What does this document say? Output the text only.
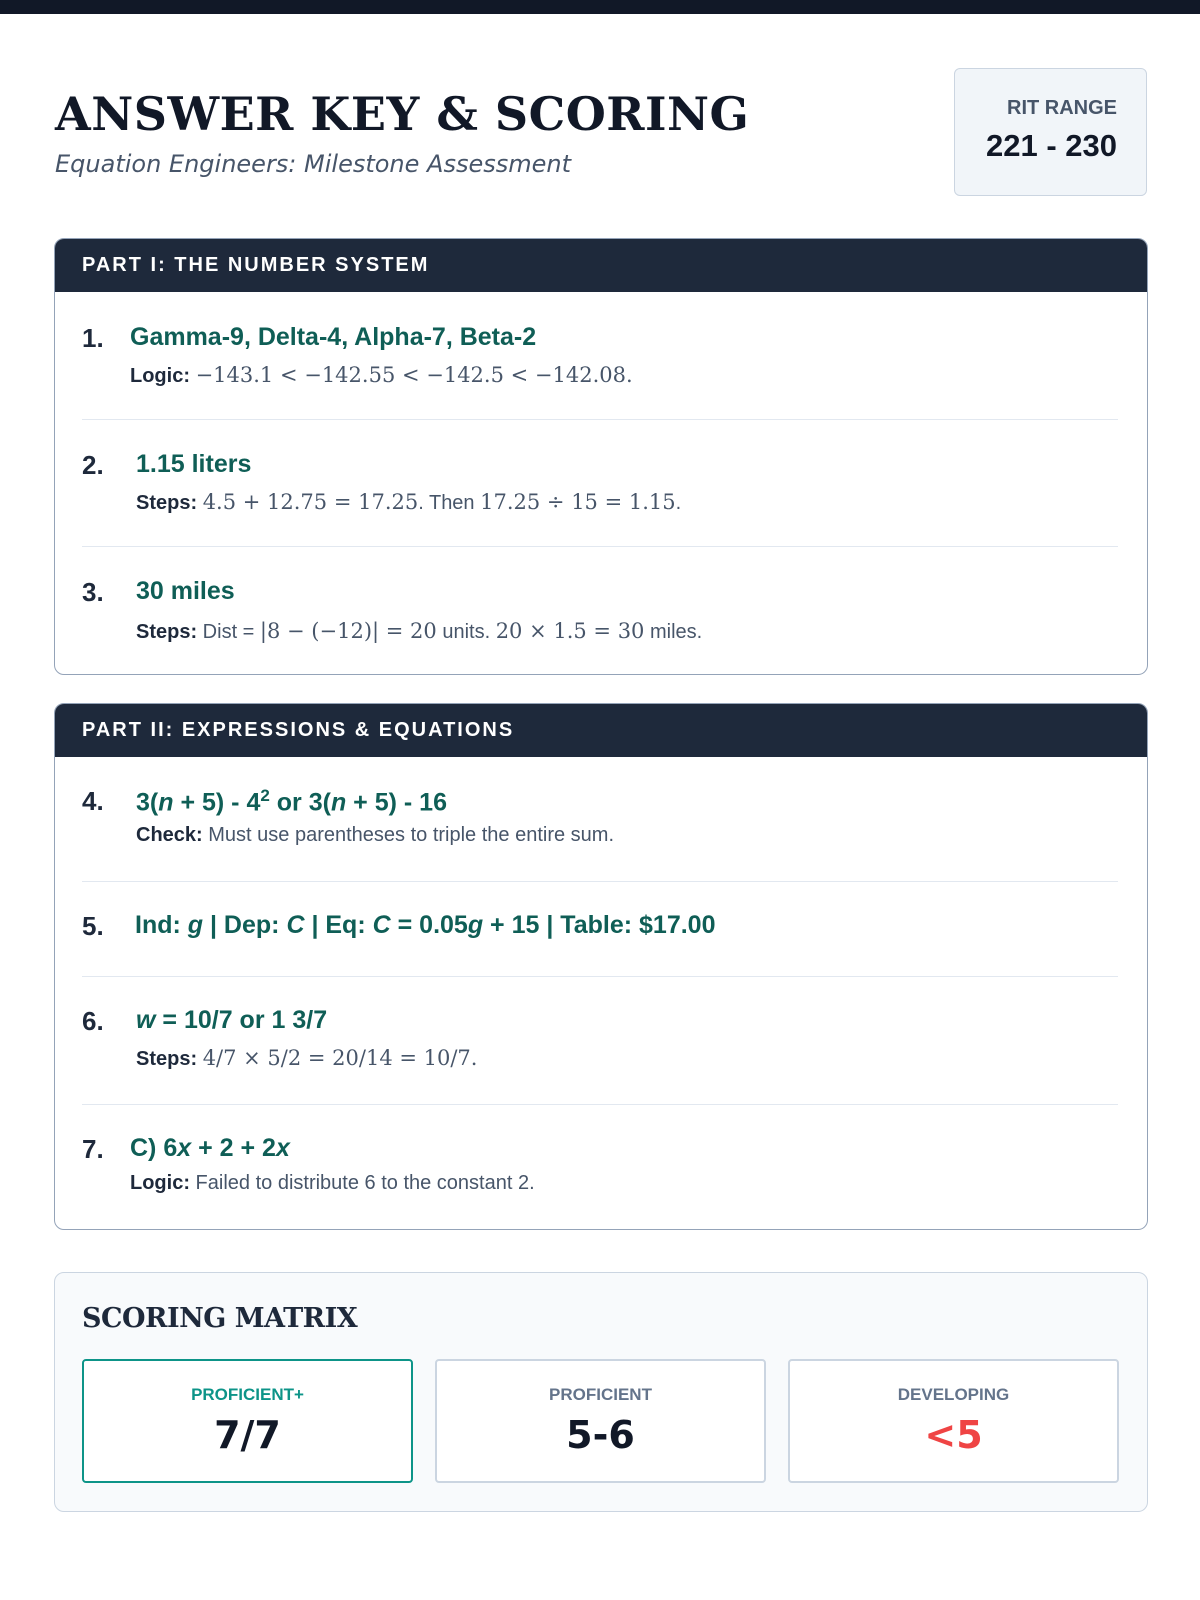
ANSWER KEY & SCORING
Equation Engineers: Milestone Assessment
RIT RANGE
221 - 230
PART I: THE NUMBER SYSTEM
1. Gamma-9, Delta-4, Alpha-7, Beta-2
Logic: −143.1 < −142.55 < −142.5 < −142.08.
2. 1.15 liters
Steps: 4.5 + 12.75 = 17.25. Then 17.25 ÷ 15 = 1.15.
3. 30 miles
Steps: Dist = |8 − (−12)| = 20 units. 20 × 1.5 = 30 miles.
PART II: EXPRESSIONS & EQUATIONS
4. $3(n + 5) - 4^2$ or 3(n + 5) - 16
Check: Must use parentheses to triple the entire sum.
5. Ind: g | Dep: C | Eq: C = 0.05g + 15 | Table: $17.00
6. w = 10/7 or 1 3/7
Steps: 4/7 × 5/2 = 20/14 = 10/7.
7. C) 6x + 2 + 2x
Logic: Failed to distribute 6 to the constant 2.
SCORING MATRIX
PROFICIENT+
7/7
PROFICIENT
5-6
DEVELOPING
<5
